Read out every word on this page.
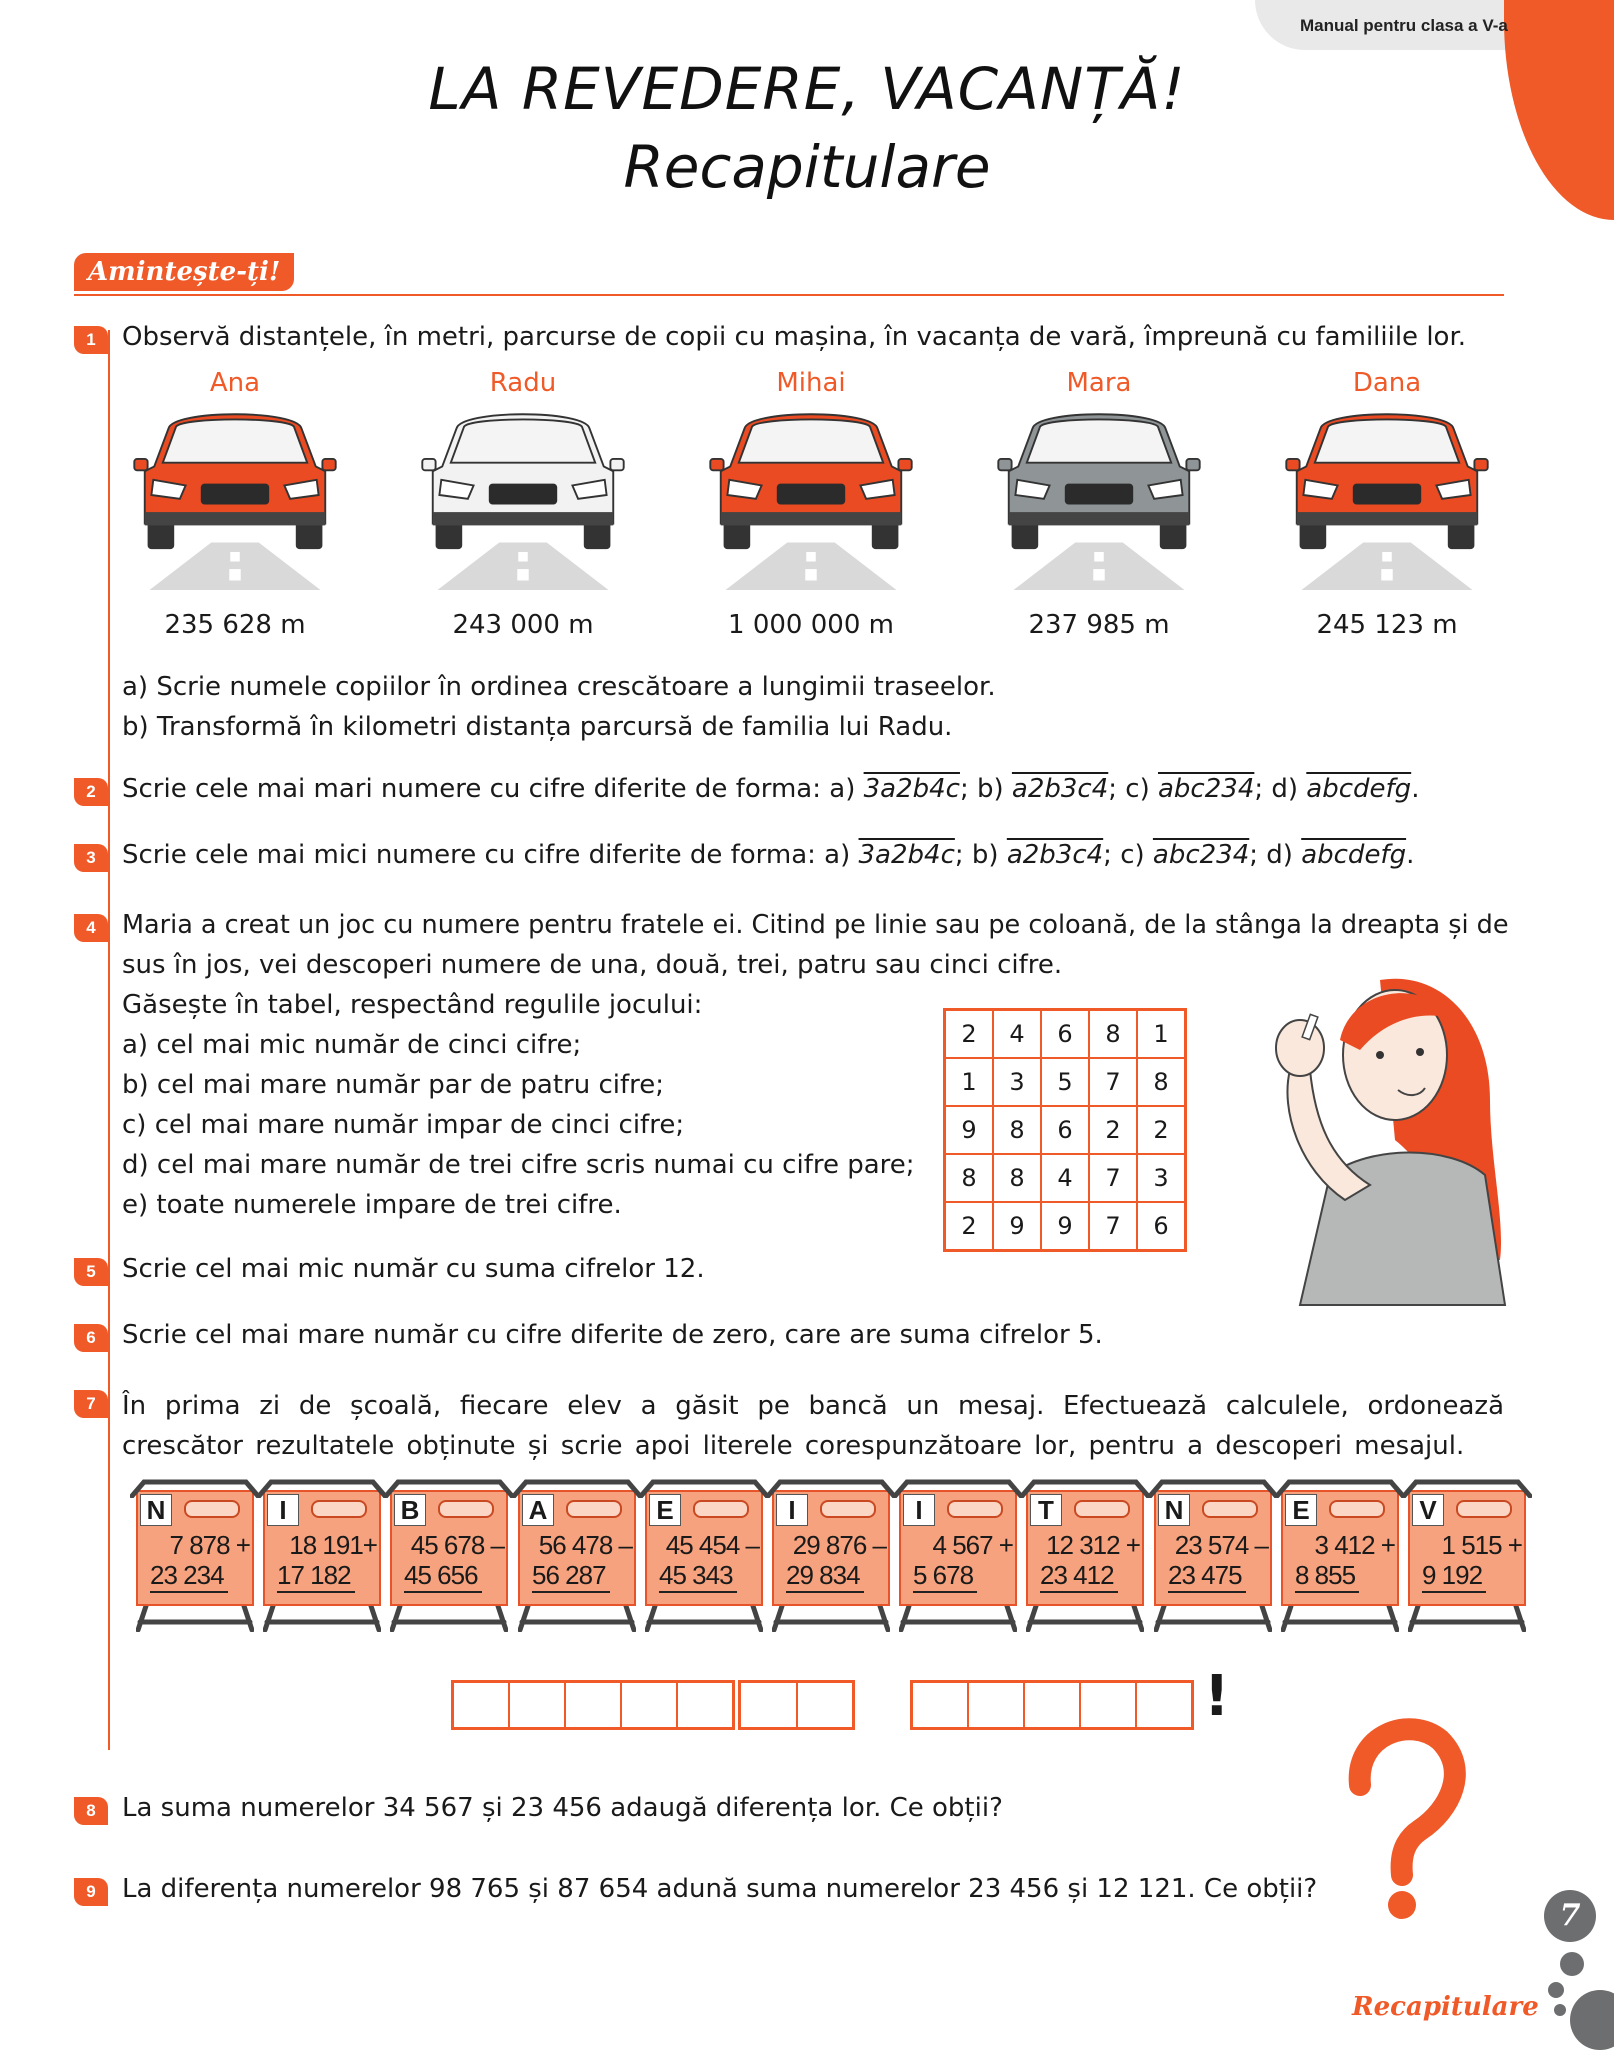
Manual pentru clasa a V-a 1
LA REVEDERE, VACANȚĂ!
Recapitulare
Amintește-ți!
1	Observă distanțele, în metri, parcurse de copii cu mașina, în vacanța de vară, împreună cu familiile lor.
Ana
235 628 m
Radu
243 000 m
Mihai
1 000 000 m
Mara
237 985 m
Dana
245 123 m
a) Scrie numele copiilor în ordinea crescătoare a lungimii traseelor.
b) Transformă în kilometri distanța parcursă de familia lui Radu.
2	Scrie cele mai mari numere cu cifre diferite de forma: a) 3a2b4c; b) a2b3c4; c) abc234; d) abcdefg.
3	Scrie cele mai mici numere cu cifre diferite de forma: a) 3a2b4c; b) a2b3c4; c) abc234; d) abcdefg.
4	Maria a creat un joc cu numere pentru fratele ei. Citind pe linie sau pe coloană, de la stânga la dreapta și de
sus în jos, vei descoperi numere de una, două, trei, patru sau cinci cifre.
Găsește în tabel, respectând regulile jocului:
a) cel mai mic număr de cinci cifre;
b) cel mai mare număr par de patru cifre;
c) cel mai mare număr impar de cinci cifre;
d) cel mai mare număr de trei cifre scris numai cu cifre pare;
e) toate numerele impare de trei cifre.
2	4	6	8	1
1	3	5	7	8
9	8	6	2	2
8	8	4	7	3
2	9	9	7	6
5	Scrie cel mai mic număr cu suma cifrelor 12.
6	Scrie cel mai mare număr cu cifre diferite de zero, care are suma cifrelor 5.
7	În prima zi de școală, fiecare elev a găsit pe bancă un mesaj. Efectuează calculele, ordonează crescător rezultatele obținute și scrie apoi literele corespunzătoare lor, pentru a descoperi mesajul.
N
7 878 +
23 234
I
18 191+
17 182
B
45 678 –
45 656
A
56 478 –
56 287
E
45 454 –
45 343
I
29 876 –
29 834
I
4 567 +
5 678
T
12 312 +
23 412
N
23 574 –
23 475
E
3 412 +
8 855
V
1 515 +
9 192
!
8	La suma numerelor 34 567 și 23 456 adaugă diferența lor. Ce obții?
9	La diferența numerelor 98 765 și 87 654 adună suma numerelor 23 456 și 12 121. Ce obții?
7
Recapitulare
